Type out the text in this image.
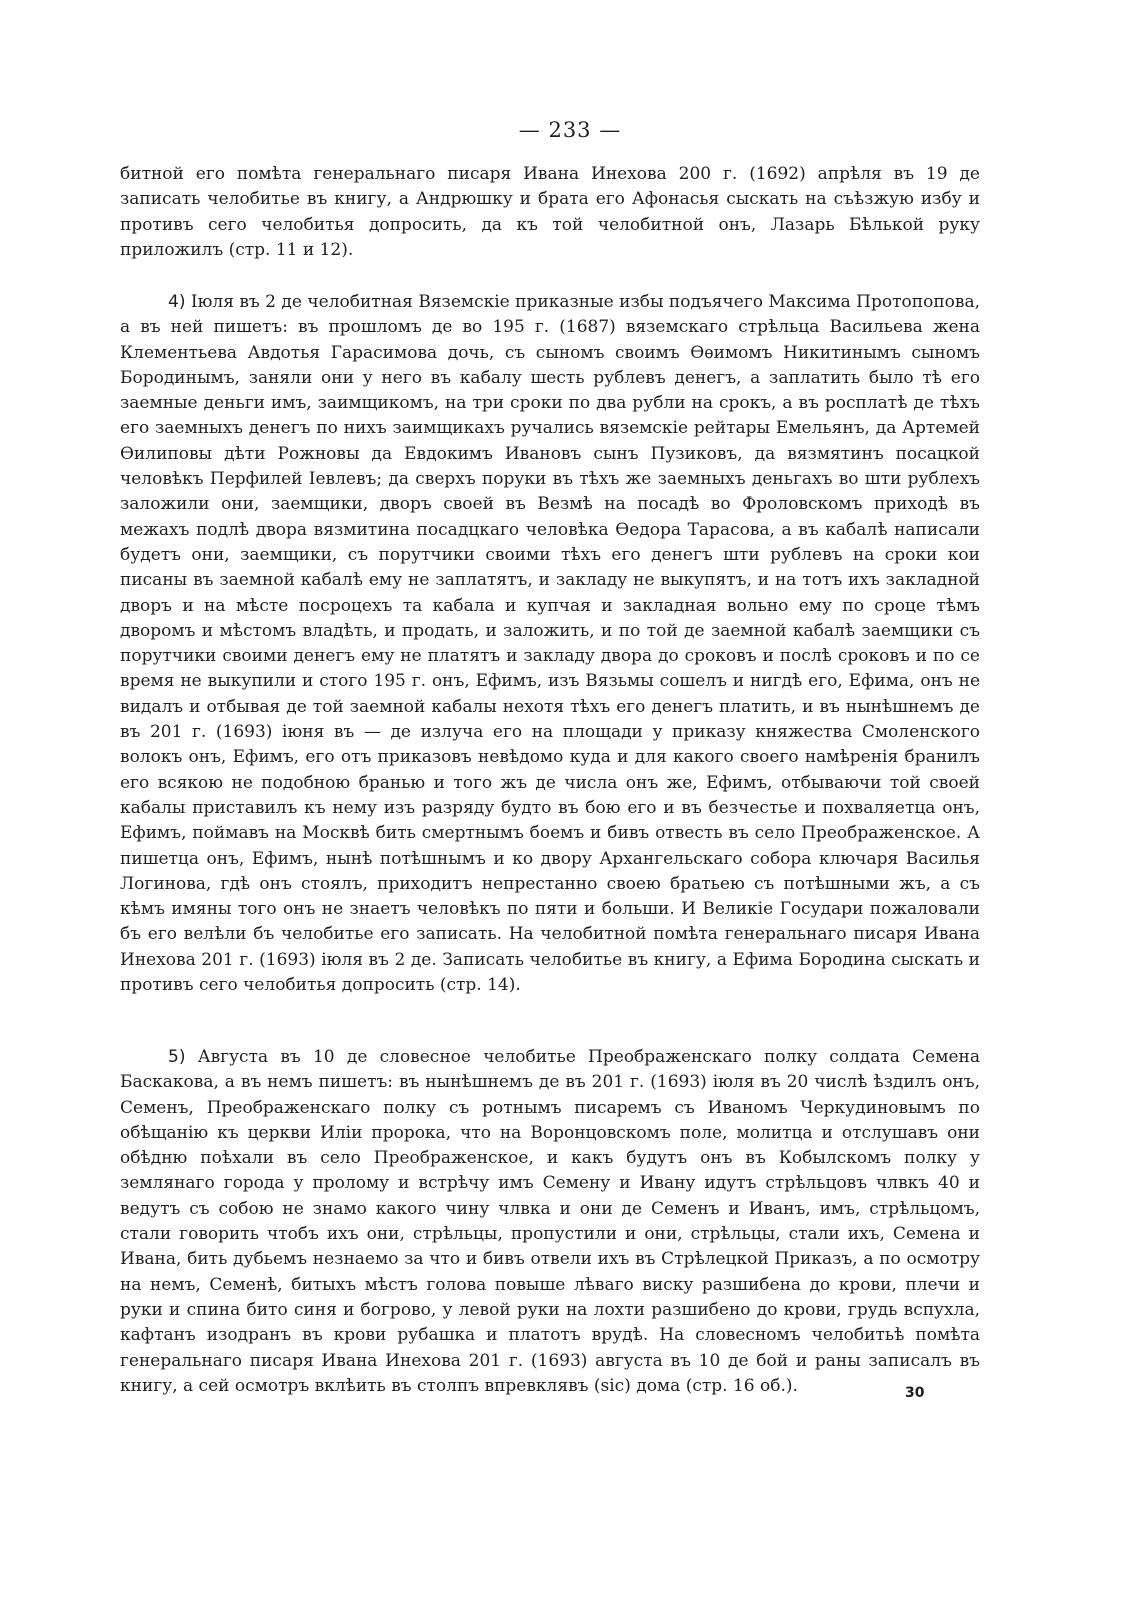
— 233 —

битной его помѣта генеральнаго писаря Ивана Инехова 200 г. (1692) апрѣля въ 19 де записать челобитье въ книгу, а Андрюшку и брата его Афонасья сыскать на съѣзжую избу и противъ сего челобитья допросить, да къ той челобитной онъ, Лазарь Бѣлькой руку приложилъ (стр. 11 и 12).

4) Іюля въ 2 де челобитная Вяземскіе приказные избы подъячего Максима Протопопова, а въ ней пишетъ: въ прошломъ де во 195 г. (1687) вяземскаго стрѣльца Васильева жена Клементьева Авдотья Гарасимова дочь, съ сыномъ своимъ Ѳѳимомъ Никитинымъ сыномъ Бородинымъ, заняли они у него въ кабалу шесть рублевъ денегъ, а заплатить было тѣ его заемные деньги имъ, заимщикомъ, на три сроки по два рубли на срокъ, а въ росплатѣ де тѣхъ его заемныхъ денегъ по нихъ заимщикахъ ручались вяземскіе рейтары Емельянъ, да Артемей Ѳилиповы дѣти Рожновы да Евдокимъ Ивановъ сынъ Пузиковъ, да вязмятинъ посацкой человѣкъ Перфилей Іевлевъ; да сверхъ поруки въ тѣхъ же заемныхъ деньгахъ во шти рублехъ заложили они, заемщики, дворъ своей въ Везмѣ на посадѣ во Фроловскомъ приходѣ въ межахъ подлѣ двора вязмитина посадцкаго человѣка Ѳедора Тарасова, а въ кабалѣ написали будетъ они, заемщики, съ порутчики своими тѣхъ его денегъ шти рублевъ на сроки кои писаны въ заемной кабалѣ ему не заплатятъ, и закладу не выкупятъ, и на тотъ ихъ закладной дворъ и на мѣсте посроцехъ та кабала и купчая и закладная вольно ему по сроце тѣмъ дворомъ и мѣстомъ владѣть, и продать, и заложить, и по той де заемной кабалѣ заемщики съ порутчики своими денегъ ему не платятъ и закладу двора до сроковъ и послѣ сроковъ и по се время не выкупили и стого 195 г. онъ, Ефимъ, изъ Вязьмы сошелъ и нигдѣ его, Ефима, онъ не видалъ и отбывая де той заемной кабалы нехотя тѣхъ его денегъ платить, и въ нынѣшнемъ де въ 201 г. (1693) іюня въ — де излуча его на площади у приказу княжества Смоленского волокъ онъ, Ефимъ, его отъ приказовъ невѣдомо куда и для какого своего намѣренія бранилъ его всякою не подобною бранью и того жъ де числа онъ же, Ефимъ, отбываючи той своей кабалы приставилъ къ нему изъ разряду будто въ бою его и въ безчестье и похваляетца онъ, Ефимъ, поймавъ на Москвѣ бить смертнымъ боемъ и бивъ отвесть въ село Преображенское. А пишетца онъ, Ефимъ, нынѣ потѣшнымъ и ко двору Архангельскаго собора ключаря Василья Логинова, гдѣ онъ стоялъ, приходитъ непрестанно своею братьею съ потѣшными жъ, а съ кѣмъ имяны того онъ не знаетъ человѣкъ по пяти и больши. И Великіе Государи пожаловали бъ его велѣли бъ челобитье его записать. На челобитной помѣта генеральнаго писаря Ивана Инехова 201 г. (1693) іюля въ 2 де. Записать челобитье въ книгу, а Ефима Бородина сыскать и противъ сего челобитья допросить (стр. 14).

5) Августа въ 10 де словесное челобитье Преображенскаго полку солдата Семена Баскакова, а въ немъ пишетъ: въ нынѣшнемъ де въ 201 г. (1693) іюля въ 20 числѣ ѣздилъ онъ, Семенъ, Преображенскаго полку съ ротнымъ писаремъ съ Иваномъ Черкудиновымъ по обѣщанію къ церкви Иліи пророка, что на Воронцовскомъ поле, молитца и отслушавъ они обѣдню поѣхали въ село Преображенское, и какъ будутъ онъ въ Кобылскомъ полку у землянаго города у пролому и встрѣчу имъ Семену и Ивану идутъ стрѣльцовъ члвкъ 40 и ведутъ съ собою не знамо какого чину члвка и они де Семенъ и Иванъ, имъ, стрѣльцомъ, стали говорить чтобъ ихъ они, стрѣльцы, пропустили и они, стрѣльцы, стали ихъ, Семена и Ивана, бить дубьемъ незнаемо за что и бивъ отвели ихъ въ Стрѣлецкой Приказъ, а по осмотру на немъ, Семенѣ, битыхъ мѣстъ голова повыше лѣваго виску разшибена до крови, плечи и руки и спина бито синя и богрово, у левой руки на лохти разшибено до крови, грудь вспухла, кафтанъ изодранъ въ крови рубашка и платотъ врудѣ. На словесномъ челобитьѣ помѣта генеральнаго писаря Ивана Инехова 201 г. (1693) августа въ 10 де бой и раны записалъ въ книгу, а сей осмотръ вклѣить въ столпъ впревклявъ (sic) дома (стр. 16 об.).	30
